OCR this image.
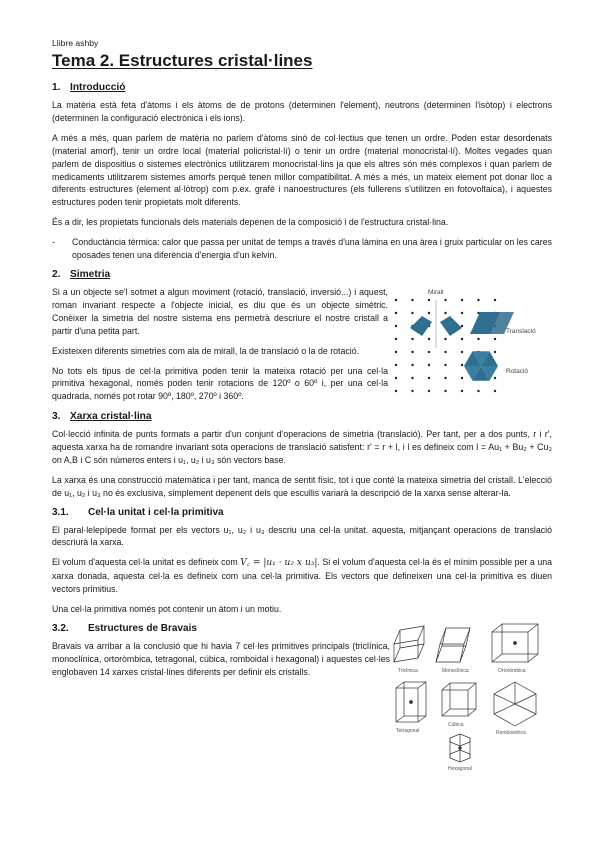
Llibre ashby
Tema 2. Estructures cristal·lines
1. Introducció

La matèria està feta d'àtoms i els àtoms de de protons (determinen l'element), neutrons (determinen l'isòtop) i electrons (determinen la configuració electrònica i els ions).

A més a més, quan parlem de matèria no parlem d'àtoms sinó de col·lectius que tenen un ordre. Poden estar desordenats (material amorf), tenir un ordre local (material policristal·lí) o tenir un ordre (material monocristal·lí). Moltes vegades quan parlem de dispositius o sistemes electrònics utilitzarem monocristal·lins ja que els altres són més complexos i quan parlem de medicaments utilitzarem sistemes amorfs perquè tenen millor compatibilitat. A més a més, un mateix element pot donar lloc a diferents estructures (element al·lòtrop) com p.ex. grafè i nanoestructures (els fullerens s'utilitzen en fotovoltaica), i aquestes estructures poden tenir propietats molt diferents.

És a dir, les propietats funcionals dels materials depenen de la composició i de l'estructura cristal·lina.

-	Conductància tèrmica: calor que passa per unitat de temps a través d'una làmina en una àrea i gruix particular on les cares oposades tenen una diferència d'energia d'un kelvin.
2. Simetria

Si a un objecte se'l sotmet a algun moviment (rotació, translació, inversió...) i aquest, roman invariant respecte a l'objecte inicial, es diu que és un objecte simètric. Conèixer la simetria del nostre sistema ens permetrà descriure el nostre cristall a partir d'una petita part.

Existeixen diferents simetries com ala de mirall, la de translació o la de rotació.

No tots els tipus de cel·la primitiva poden tenir la mateixa rotació per una cel·la primitiva hexagonal, només poden tenir rotacions de 120º o 60º i, per una cel·la quadrada, només pot rotar 90º, 180º, 270º i 360º.

Mirall
Translació
Rotació
3. Xarxa cristal·lina

Col·lecció infinita de punts formats a partir d'un conjunt d'operacions de simetria (translació). Per tant, per a dos punts, r i r', aquesta xarxa ha de romandre invariant sota operacions de translació satisfent: r' = r + l, i l es defineix com l = Au₁ + Bu₂ + Cu₃ on A,B i C són números enters i u₁, u₂ i u₃ són vectors base.

La xarxa és una construcció matemàtica i per tant, manca de sentit físic, tot i que conté la mateixa simetria del cristall. L'elecció de u₁, u₂ i u₃ no és exclusiva, simplement depenent dels que escullis variarà la descripció de la xarxa sense alterar-la.

3.1. Cel·la unitat i cel·la primitiva

El paral·lelepípede format per els vectors u₁, u₂ i u₃ descriu una cel·la unitat. aquesta, mitjançant operacions de translació descriurà la xarxa.

El volum d'aquesta cel·la unitat es defineix com V꜀ = |u₁ · u₂ x u₃|. Si el volum d'aquesta cel·la és el mínim possible per a una xarxa donada, aquesta cel·la es defineix com una cel·la primitiva. Els vectors que defineixen una cel·la primitiva es diuen vectors primitius.

Una cel·la primitiva només pot contenir un àtom i un motiu.

3.2. Estructures de Bravais

Bravais va arribar a la conclusió que hi havia 7 cel·les primitives principals (triclínica, monoclínica, ortoròmbica, tetragonal, cúbica, romboidal i hexagonal) i aquestes cel·les englobaven 14 xarxes cristal·lines diferents per definir els cristalls.	Triclínica	Monoclínica	Ortoròmbica
Tetragonal
Cúbica
Romboèdrica
Hexagonal
